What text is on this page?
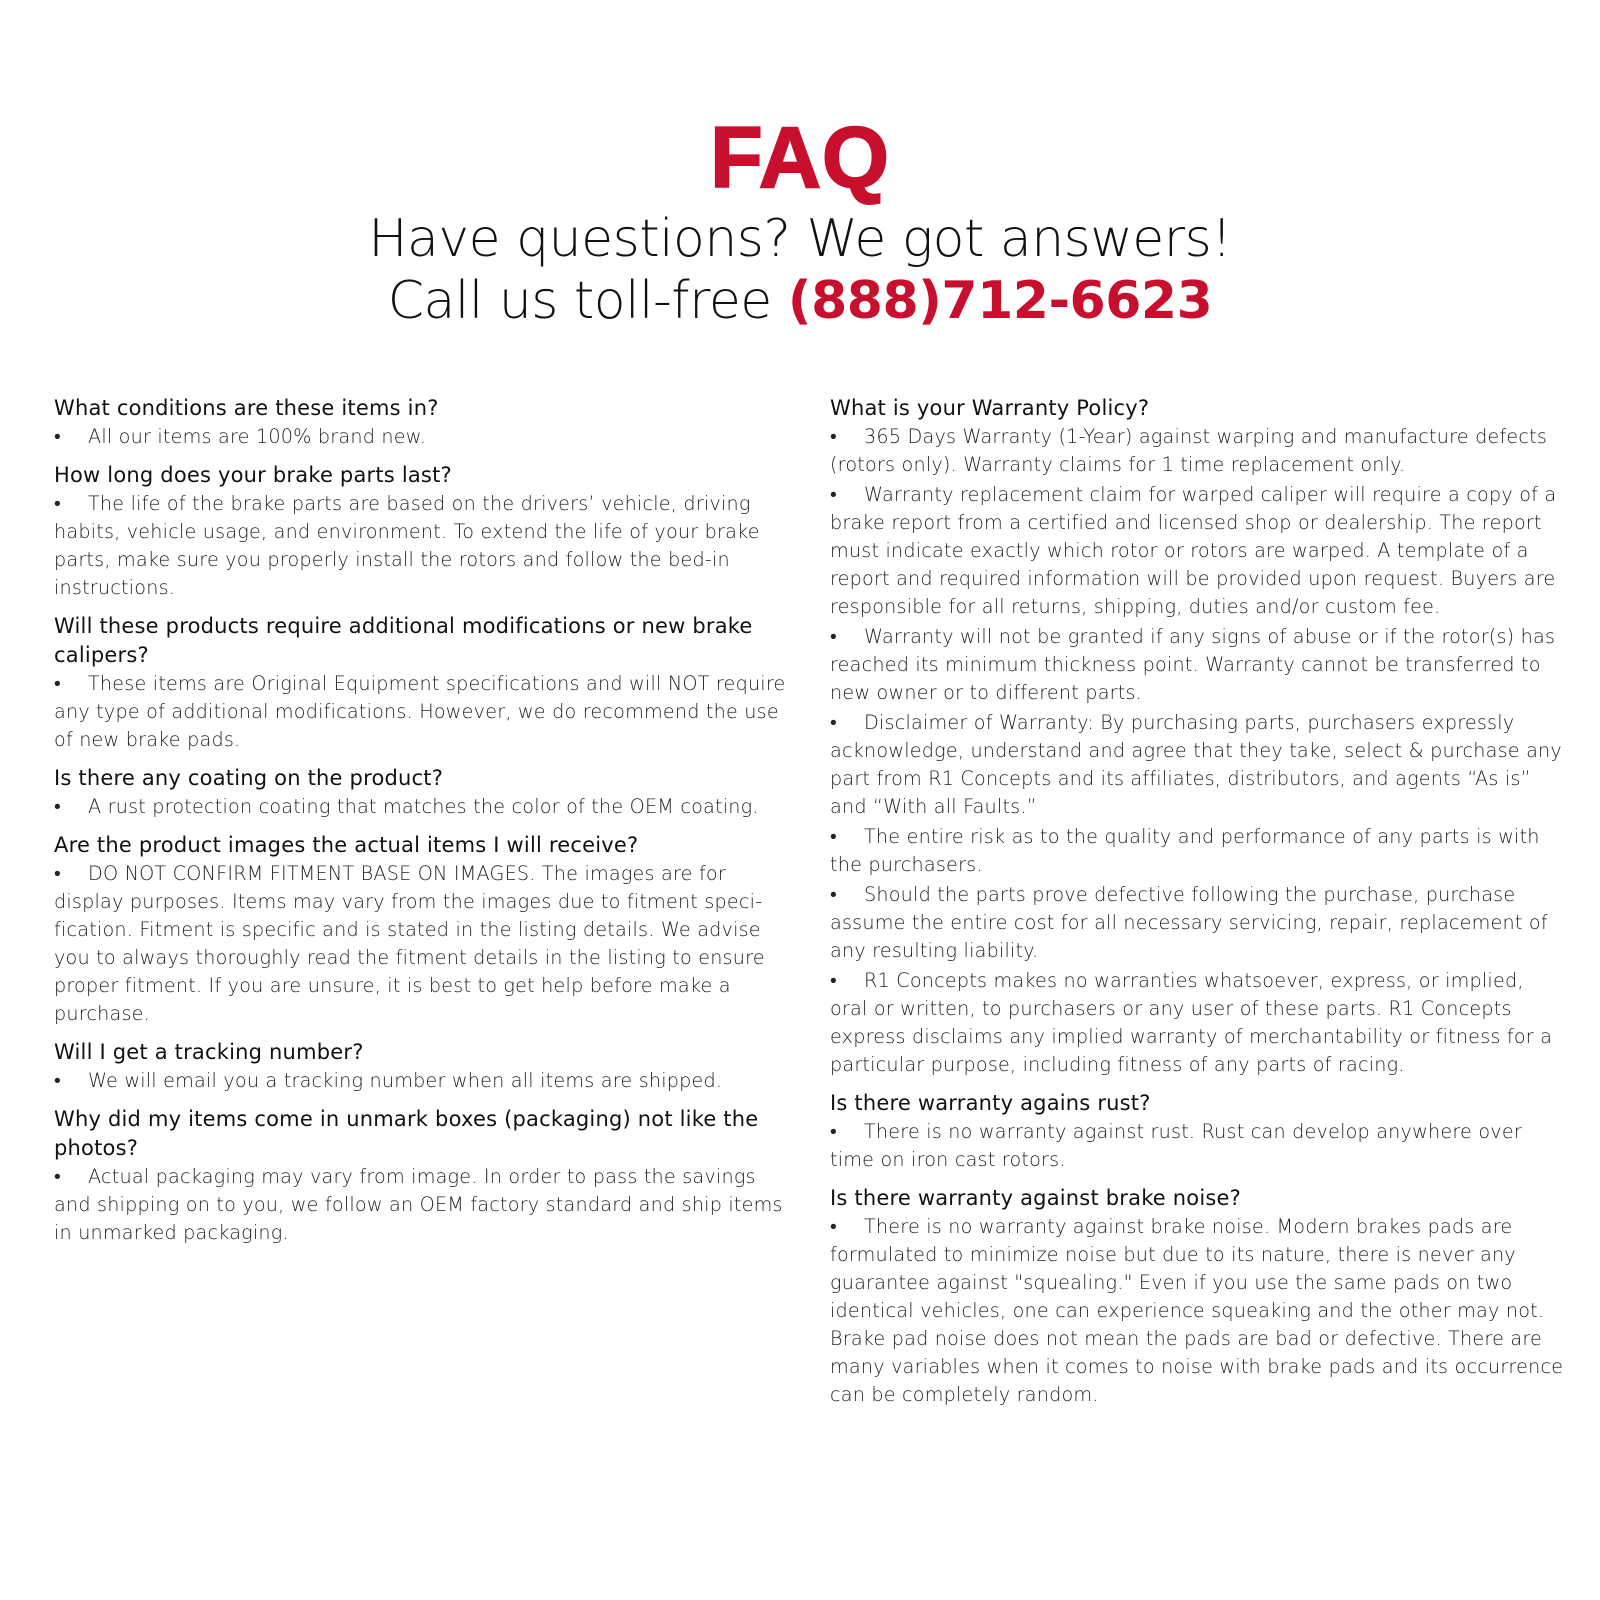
FAQ
Have questions? We got answers!
Call us toll-free (888)712-6623
What conditions are these items in?
• All our items are 100% brand new.
How long does your brake parts last?
• The life of the brake parts are based on the drivers’ vehicle, driving habits, vehicle usage, and environment. To extend the life of your brake parts, make sure you properly install the rotors and follow the bed-in instructions.
Will these products require additional modifications or new brake calipers?
• These items are Original Equipment specifications and will NOT require any type of additional modifications. However, we do recommend the use of new brake pads.
Is there any coating on the product?
• A rust protection coating that matches the color of the OEM coating.
Are the product images the actual items I will receive?
• DO NOT CONFIRM FITMENT BASE ON IMAGES. The images are for display purposes. Items may vary from the images due to fitment speci-fication. Fitment is specific and is stated in the listing details. We advise you to always thoroughly read the fitment details in the listing to ensure proper fitment. If you are unsure, it is best to get help before make a purchase.
Will I get a tracking number?
• We will email you a tracking number when all items are shipped.
Why did my items come in unmark boxes (packaging) not like the photos?
• Actual packaging may vary from image. In order to pass the savings and shipping on to you, we follow an OEM factory standard and ship items in unmarked packaging.
What is your Warranty Policy?
• 365 Days Warranty (1-Year) against warping and manufacture defects (rotors only). Warranty claims for 1 time replacement only.
• Warranty replacement claim for warped caliper will require a copy of a brake report from a certified and licensed shop or dealership. The report must indicate exactly which rotor or rotors are warped. A template of a report and required information will be provided upon request. Buyers are responsible for all returns, shipping, duties and/or custom fee.
• Warranty will not be granted if any signs of abuse or if the rotor(s) has reached its minimum thickness point. Warranty cannot be transferred to new owner or to different parts.
• Disclaimer of Warranty: By purchasing parts, purchasers expressly acknowledge, understand and agree that they take, select & purchase any part from R1 Concepts and its affiliates, distributors, and agents “As is” and “With all Faults.”
• The entire risk as to the quality and performance of any parts is with the purchasers.
• Should the parts prove defective following the purchase, purchase assume the entire cost for all necessary servicing, repair, replacement of any resulting liability.
• R1 Concepts makes no warranties whatsoever, express, or implied, oral or written, to purchasers or any user of these parts. R1 Concepts express disclaims any implied warranty of merchantability or fitness for a particular purpose, including fitness of any parts of racing.
Is there warranty agains rust?
• There is no warranty against rust. Rust can develop anywhere over time on iron cast rotors.
Is there warranty against brake noise?
• There is no warranty against brake noise. Modern brakes pads are formulated to minimize noise but due to its nature, there is never any guarantee against "squealing." Even if you use the same pads on two identical vehicles, one can experience squeaking and the other may not. Brake pad noise does not mean the pads are bad or defective. There are many variables when it comes to noise with brake pads and its occurrence can be completely random.
